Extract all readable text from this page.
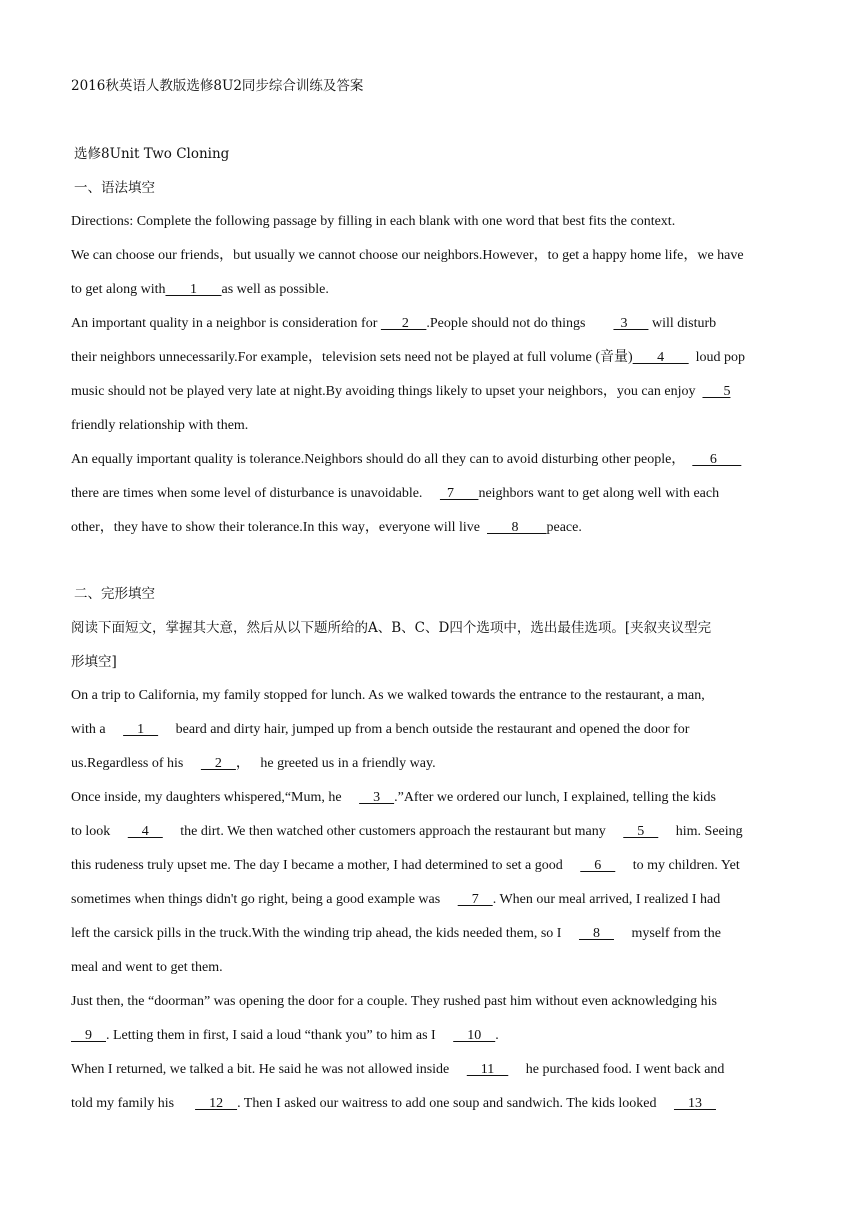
2016秋英语人教版选修8U2同步综合训练及答案
选修8Unit Two Cloning
一、语法填空
Directions: Complete the following passage by filling in each blank with one word that best fits the context.
We can choose our friends，but usually we cannot choose our neighbors.However，to get a happy home life，we have
to get along with       1       as well as possible.
An important quality in a neighbor is consideration for       2     .People should not do things          3       will disturb
their neighbors unnecessarily.For example，television sets need not be played at full volume (音量)       4         loud pop
music should not be played very late at night.By avoiding things likely to upset your neighbors，you can enjoy        5
friendly relationship with them.
An equally important quality is tolerance.Neighbors should do all they can to avoid disturbing other people，       6
there are times when some level of disturbance is unavoidable.       7       neighbors want to get along well with each
other，they have to show their tolerance.In this way，everyone will live         8        peace.
二、完形填空
阅读下面短文，掌握其大意，然后从以下题所给的A、B、C、D四个选项中，选出最佳选项。[夹叙夹议型完
形填空]
On a trip to California, my family stopped for lunch. As we walked towards the entrance to the restaurant, a man,
with a         1         beard and dirty hair, jumped up from a bench outside the restaurant and opened the door for
us.Regardless of his         2    ，   he greeted us in a friendly way.
Once inside, my daughters whispered,“Mum, he         3    .”After we ordered our lunch, I explained, telling the kids
to look         4         the dirt. We then watched other customers approach the restaurant but many         5         him. Seeing
this rudeness truly upset me. The day I became a mother, I had determined to set a good         6         to my children. Yet
sometimes when things didn't go right, being a good example was         7    . When our meal arrived, I realized I had
left the carsick pills in the truck.With the winding trip ahead, the kids needed them, so I         8         myself from the
meal and went to get them.
Just then, the “doorman” was opening the door for a couple. They rushed past him without even acknowledging his
9    . Letting them in first, I said a loud “thank you” to him as I         10    .
When I returned, we talked a bit. He said he was not allowed inside         11         he purchased food. I went back and
told my family his          12    . Then I asked our waitress to add one soup and sandwich. The kids looked         13
